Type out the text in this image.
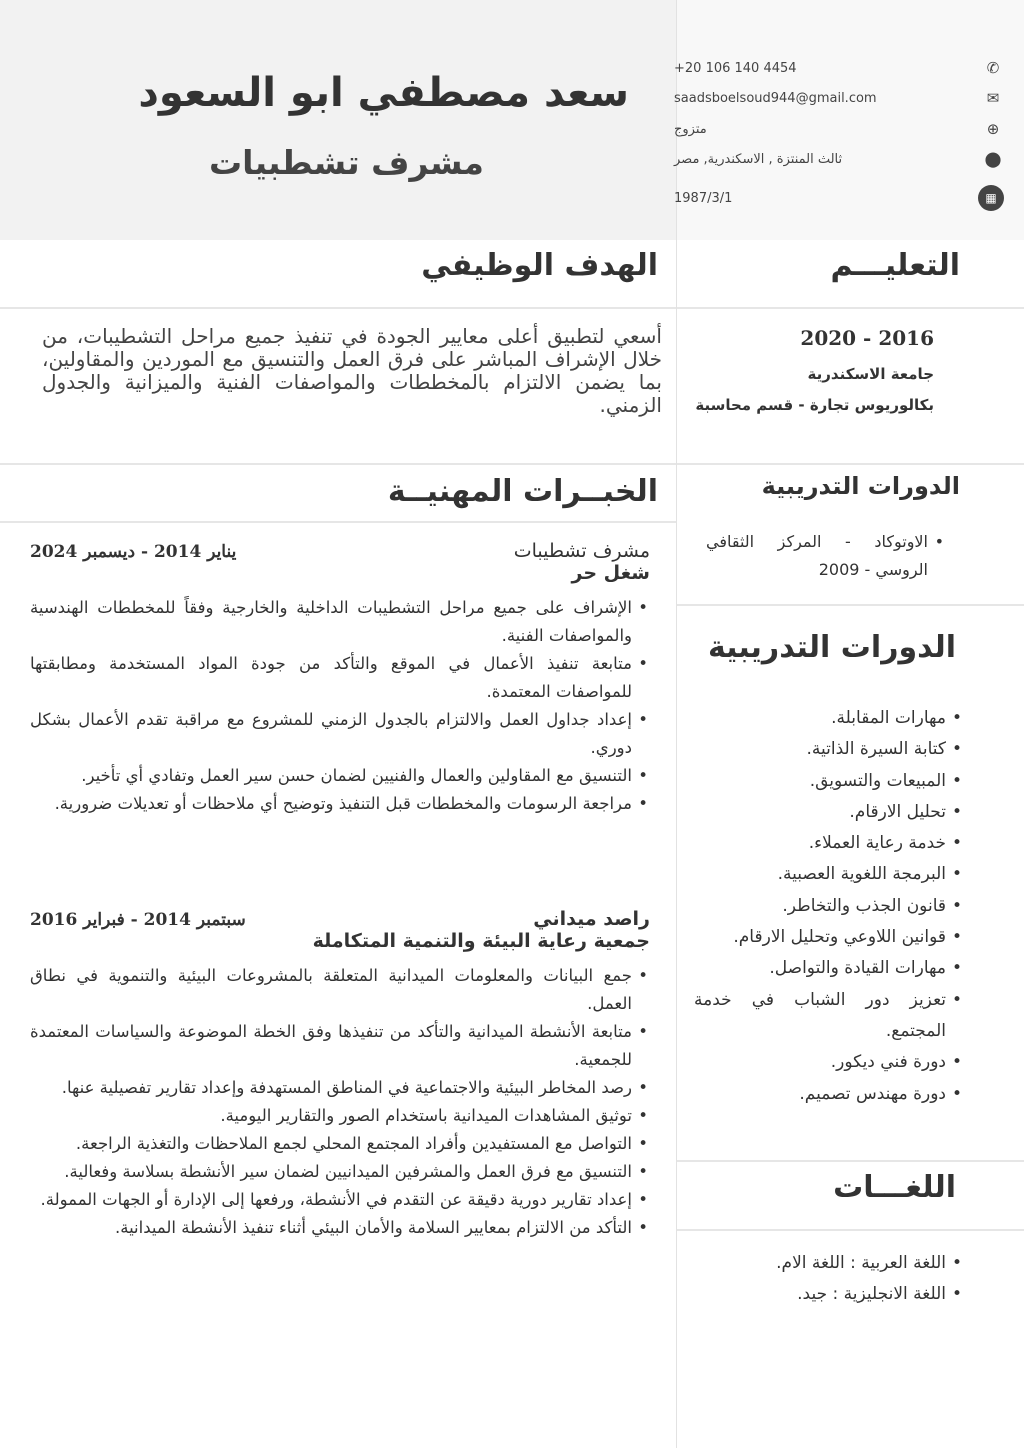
سعد مصطفي ابو السعود
مشرف تشطبيات
✆
+20 106 140 4454
✉
saadsboelsoud944@gmail.com
⊕
متزوج
⬤
ثالث المنتزة , الاسكندرية, مصر
▦
1987/3/1
التعليـــم
2016 - 2020
جامعة الاسكندرية
بكالوريوس تجارة - قسم محاسبة
الدورات التدريبية
• الاوتوكاد - المركز الثقافي الروسي - 2009
الدورات التدريبية
• مهارات المقابلة.
• كتابة السيرة الذاتية.
• المبيعات والتسويق.
• تحليل الارقام.
• خدمة رعاية العملاء.
• البرمجة اللغوية العصبية.
• قانون الجذب والتخاطر.
• قوانين اللاوعي وتحليل الارقام.
• مهارات القيادة والتواصل.
• تعزيز دور الشباب في خدمة المجتمع.
• دورة فني ديكور.
• دورة مهندس تصميم.
اللغـــات
• اللغة العربية : اللغة الام.
• اللغة الانجليزية : جيد.
الهدف الوظيفي
أسعي لتطبيق أعلى معايير الجودة في تنفيذ جميع مراحل التشطيبات، من خلال الإشراف المباشر على فرق العمل والتنسيق مع الموردين والمقاولين، بما يضمن الالتزام بالمخططات والمواصفات الفنية والميزانية والجدول الزمني.
الخبــرات المهنيــة
مشرف تشطيبات
يناير 2014 - ديسمبر 2024
شغل حر
• الإشراف على جميع مراحل التشطيبات الداخلية والخارجية وفقاً للمخططات الهندسية والمواصفات الفنية.
• متابعة تنفيذ الأعمال في الموقع والتأكد من جودة المواد المستخدمة ومطابقتها للمواصفات المعتمدة.
• إعداد جداول العمل والالتزام بالجدول الزمني للمشروع مع مراقبة تقدم الأعمال بشكل دوري.
• التنسيق مع المقاولين والعمال والفنيين لضمان حسن سير العمل وتفادي أي تأخير.
• مراجعة الرسومات والمخططات قبل التنفيذ وتوضيح أي ملاحظات أو تعديلات ضرورية.
راصد ميداني
سبتمبر 2014 - فبراير 2016
جمعية رعاية البيئة والتنمية المتكاملة
• جمع البيانات والمعلومات الميدانية المتعلقة بالمشروعات البيئية والتنموية في نطاق العمل.
• متابعة الأنشطة الميدانية والتأكد من تنفيذها وفق الخطة الموضوعة والسياسات المعتمدة للجمعية.
• رصد المخاطر البيئية والاجتماعية في المناطق المستهدفة وإعداد تقارير تفصيلية عنها.
• توثيق المشاهدات الميدانية باستخدام الصور والتقارير اليومية.
• التواصل مع المستفيدين وأفراد المجتمع المحلي لجمع الملاحظات والتغذية الراجعة.
• التنسيق مع فرق العمل والمشرفين الميدانيين لضمان سير الأنشطة بسلاسة وفعالية.
• إعداد تقارير دورية دقيقة عن التقدم في الأنشطة، ورفعها إلى الإدارة أو الجهات الممولة.
• التأكد من الالتزام بمعايير السلامة والأمان البيئي أثناء تنفيذ الأنشطة الميدانية.
